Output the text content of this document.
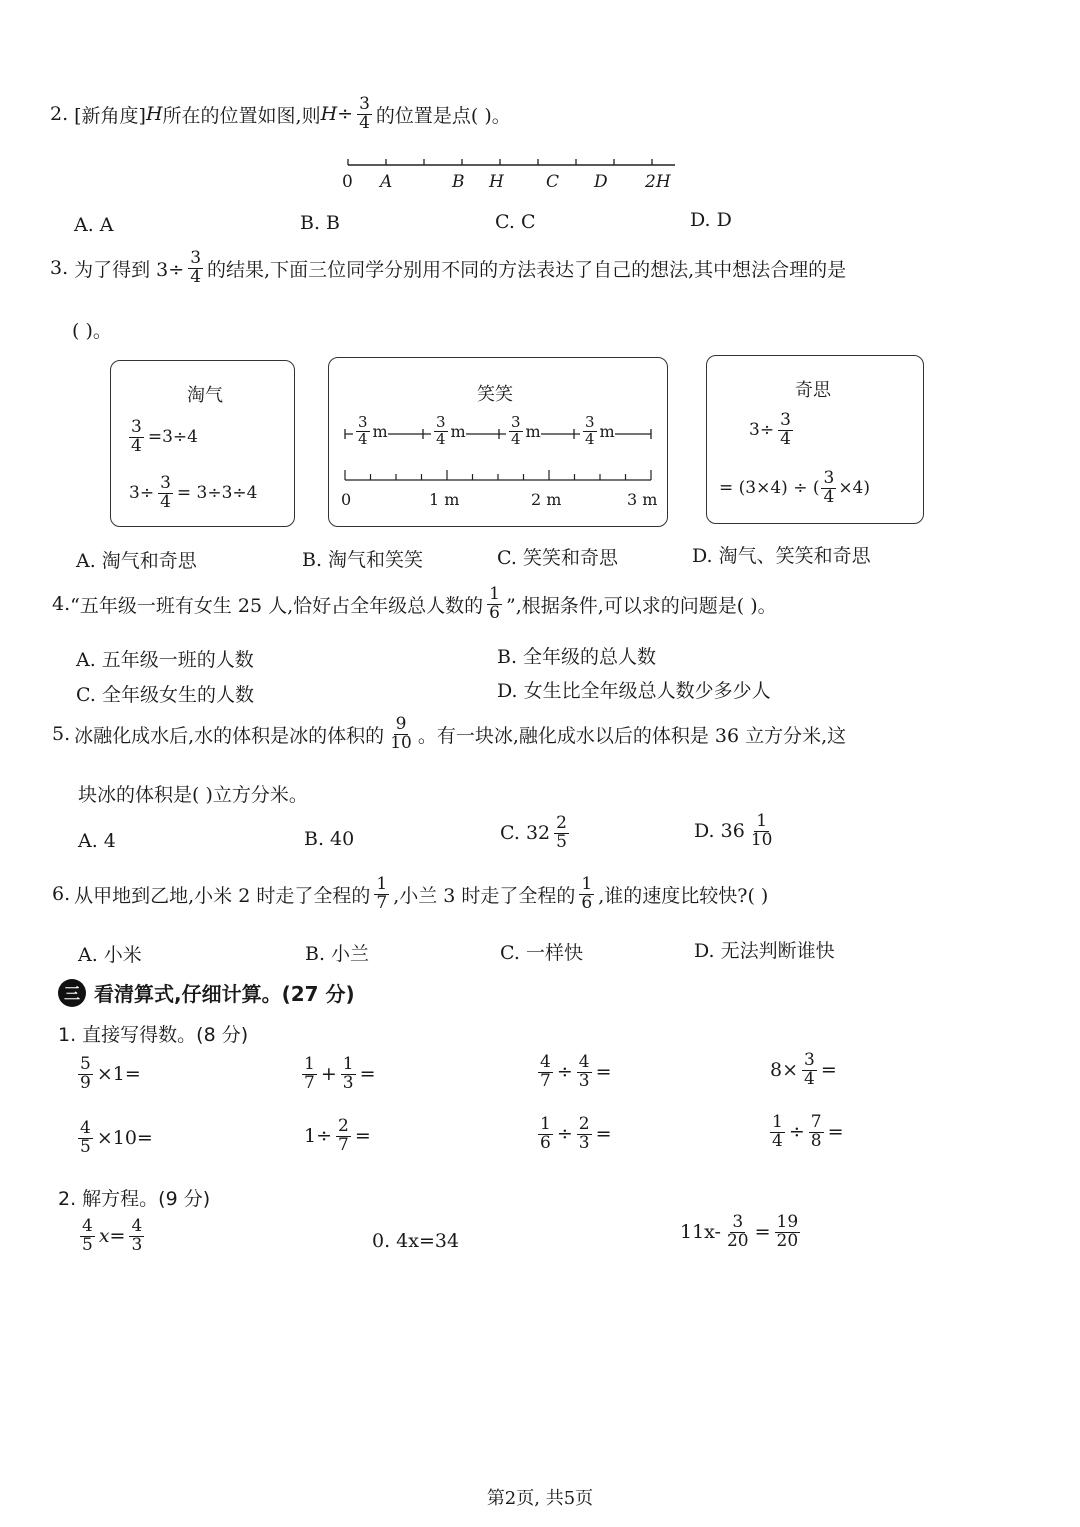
2. [新角度] H 所在的位置如图,则 $H \div \frac{3}{4}$ 的位置是点( )。
0 A	B H C D 2H
A. A	B. B	C. C	D. D
3. 为了得到 $3\div \frac{3}{4}$ 的结果,下面三位同学分别用不同的方法表达了自己的想法,其中想法合理的是
( )。
淘气
$\frac{3}{4} =3\div 4$
$3\div \frac{3}{4} = 3\div 3\div 4$
笑笑
$\frac{3}{4}$ m	$\frac{3}{4}$ m	$\frac{3}{4}$ m	$\frac{3}{4}$ m
0	1 m	2 m	3 m
奇思
$3\div \frac{3}{4}$
= (3×4) ÷ ( $\frac{3}{4} \times 4$)
A. 淘气和奇思	B. 淘气和笑笑	C. 笑笑和奇思	D. 淘气、笑笑和奇思
4. “五年级一班有女生 25 人,恰好占全年级总人数的 $\frac{1}{6}$ ”,根据条件,可以求的问题是( )。
A. 五年级一班的人数	B. 全年级的总人数
C. 全年级女生的人数	D. 女生比全年级总人数少多少人
5. 冰融化成水后,水的体积是冰的体积的 $\frac{9}{10}$ 。有一块冰,融化成水以后的体积是 36 立方分米,这
块冰的体积是( )立方分米。
A. 4	B. 40	C. $32 \frac{2}{5}$	D. $36 \frac{1}{10}$
6. 从甲地到乙地,小米 2 时走了全程的 $\frac{1}{7}$ ,小兰 3 时走了全程的 $\frac{1}{6}$ ,谁的速度比较快?( )
A. 小米	B. 小兰	C. 一样快	D. 无法判断谁快
三 看清算式,仔细计算。(27 分)
1. 直接写得数。(8 分)
$\frac{5}{9} \times 1=$	$\frac{1}{7} + \frac{1}{3}$ =	$\frac{4}{7} \div \frac{4}{3}$ =	$8\times \frac{3}{4}$ =
$\frac{4}{5} \times 10=$	$1\div \frac{2}{7}$ =	$\frac{1}{6} \div \frac{2}{3}$ =	$\frac{1}{4} \div \frac{7}{8}$ =
2. 解方程。(9 分)
$\frac{4}{5} x= \frac{4}{3}$	0. 4x=34	$11x- \frac{3}{20} = \frac{19}{20}$
第2页, 共5页
